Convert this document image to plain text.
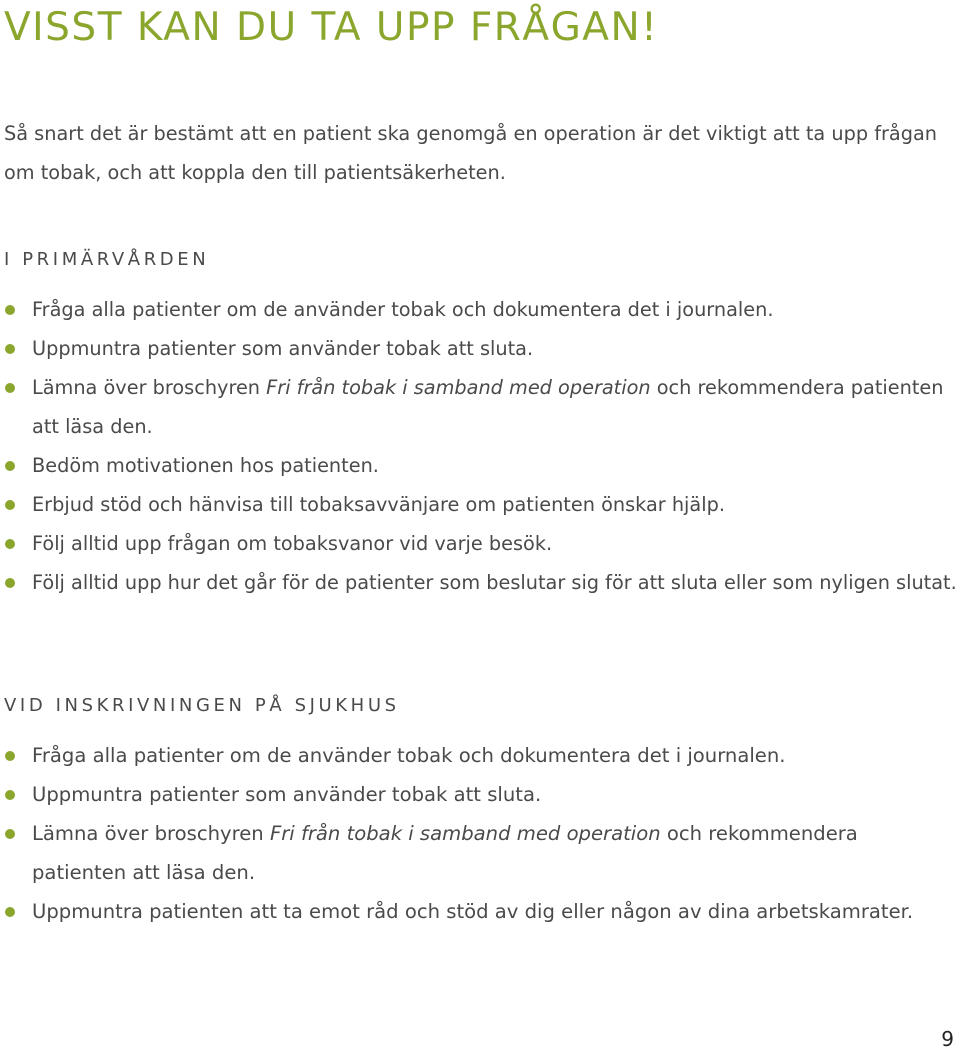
VISST KAN DU TA UPP FRÅGAN!

Så snart det är bestämt att en patient ska genomgå en operation är det viktigt att ta upp frågan om tobak, och att koppla den till patientsäkerheten.

I PRIMÄRVÅRDEN
Fråga alla patienter om de använder tobak och dokumentera det i journalen.
Uppmuntra patienter som använder tobak att sluta.
Lämna över broschyren Fri från tobak i samband med operation och rekommendera patienten att läsa den.
Bedöm motivationen hos patienten.
Erbjud stöd och hänvisa till tobaksavvänjare om patienten önskar hjälp.
Följ alltid upp frågan om tobaksvanor vid varje besök.
Följ alltid upp hur det går för de patienter som beslutar sig för att sluta eller som nyligen slutat.
VID INSKRIVNINGEN PÅ SJUKHUS
Fråga alla patienter om de använder tobak och dokumentera det i journalen.
Uppmuntra patienter som använder tobak att sluta.
Lämna över broschyren Fri från tobak i samband med operation och rekommendera patienten att läsa den.
Uppmuntra patienten att ta emot råd och stöd av dig eller någon av dina arbetskamrater.
9
